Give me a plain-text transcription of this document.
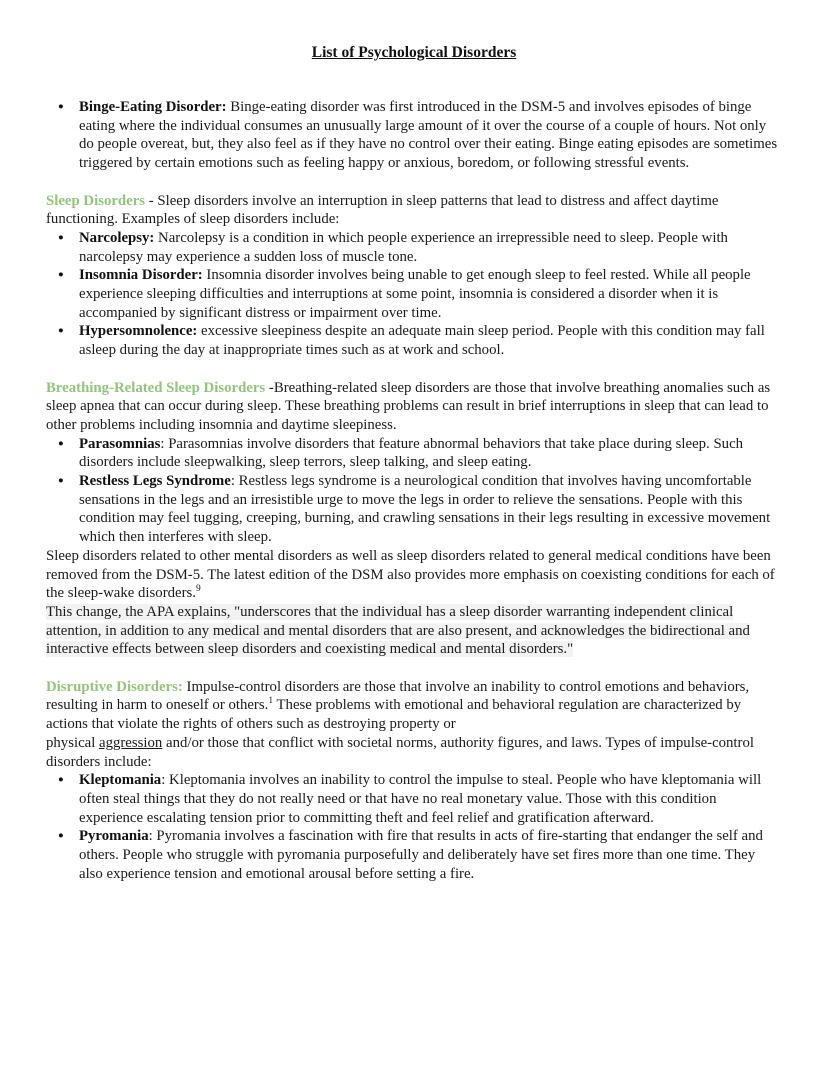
List of Psychological Disorders
● Binge-Eating Disorder: Binge-eating disorder was first introduced in the DSM-5 and involves episodes of binge eating where the individual consumes an unusually large amount of it over the course of a couple of hours. Not only do people overeat, but, they also feel as if they have no control over their eating. Binge eating episodes are sometimes triggered by certain emotions such as feeling happy or anxious, boredom, or following stressful events.

Sleep Disorders - Sleep disorders involve an interruption in sleep patterns that lead to distress and affect daytime functioning. Examples of sleep disorders include:

● Narcolepsy: Narcolepsy is a condition in which people experience an irrepressible need to sleep. People with narcolepsy may experience a sudden loss of muscle tone.
● Insomnia Disorder: Insomnia disorder involves being unable to get enough sleep to feel rested. While all people experience sleeping difficulties and interruptions at some point, insomnia is considered a disorder when it is accompanied by significant distress or impairment over time.
● Hypersomnolence: excessive sleepiness despite an adequate main sleep period. People with this condition may fall asleep during the day at inappropriate times such as at work and school.

Breathing-Related Sleep Disorders -Breathing-related sleep disorders are those that involve breathing anomalies such as sleep apnea that can occur during sleep. These breathing problems can result in brief interruptions in sleep that can lead to other problems including insomnia and daytime sleepiness.

● Parasomnias: Parasomnias involve disorders that feature abnormal behaviors that take place during sleep. Such disorders include sleepwalking, sleep terrors, sleep talking, and sleep eating.
● Restless Legs Syndrome: Restless legs syndrome is a neurological condition that involves having uncomfortable sensations in the legs and an irresistible urge to move the legs in order to relieve the sensations. People with this condition may feel tugging, creeping, burning, and crawling sensations in their legs resulting in excessive movement which then interferes with sleep.

Sleep disorders related to other mental disorders as well as sleep disorders related to general medical conditions have been removed from the DSM-5. The latest edition of the DSM also provides more emphasis on coexisting conditions for each of the sleep-wake disorders.$^9$

This change, the APA explains, "underscores that the individual has a sleep disorder warranting independent clinical attention, in addition to any medical and mental disorders that are also present, and acknowledges the bidirectional and interactive effects between sleep disorders and coexisting medical and mental disorders."

Disruptive Disorders: Impulse-control disorders are those that involve an inability to control emotions and behaviors, resulting in harm to oneself or others.$^1$ These problems with emotional and behavioral regulation are characterized by actions that violate the rights of others such as destroying property or
physical aggression and/or those that conflict with societal norms, authority figures, and laws. Types of impulse-control disorders include:

● Kleptomania: Kleptomania involves an inability to control the impulse to steal. People who have kleptomania will often steal things that they do not really need or that have no real monetary value. Those with this condition experience escalating tension prior to committing theft and feel relief and gratification afterward.
● Pyromania: Pyromania involves a fascination with fire that results in acts of fire-starting that endanger the self and others. People who struggle with pyromania purposefully and deliberately have set fires more than one time. They also experience tension and emotional arousal before setting a fire.
